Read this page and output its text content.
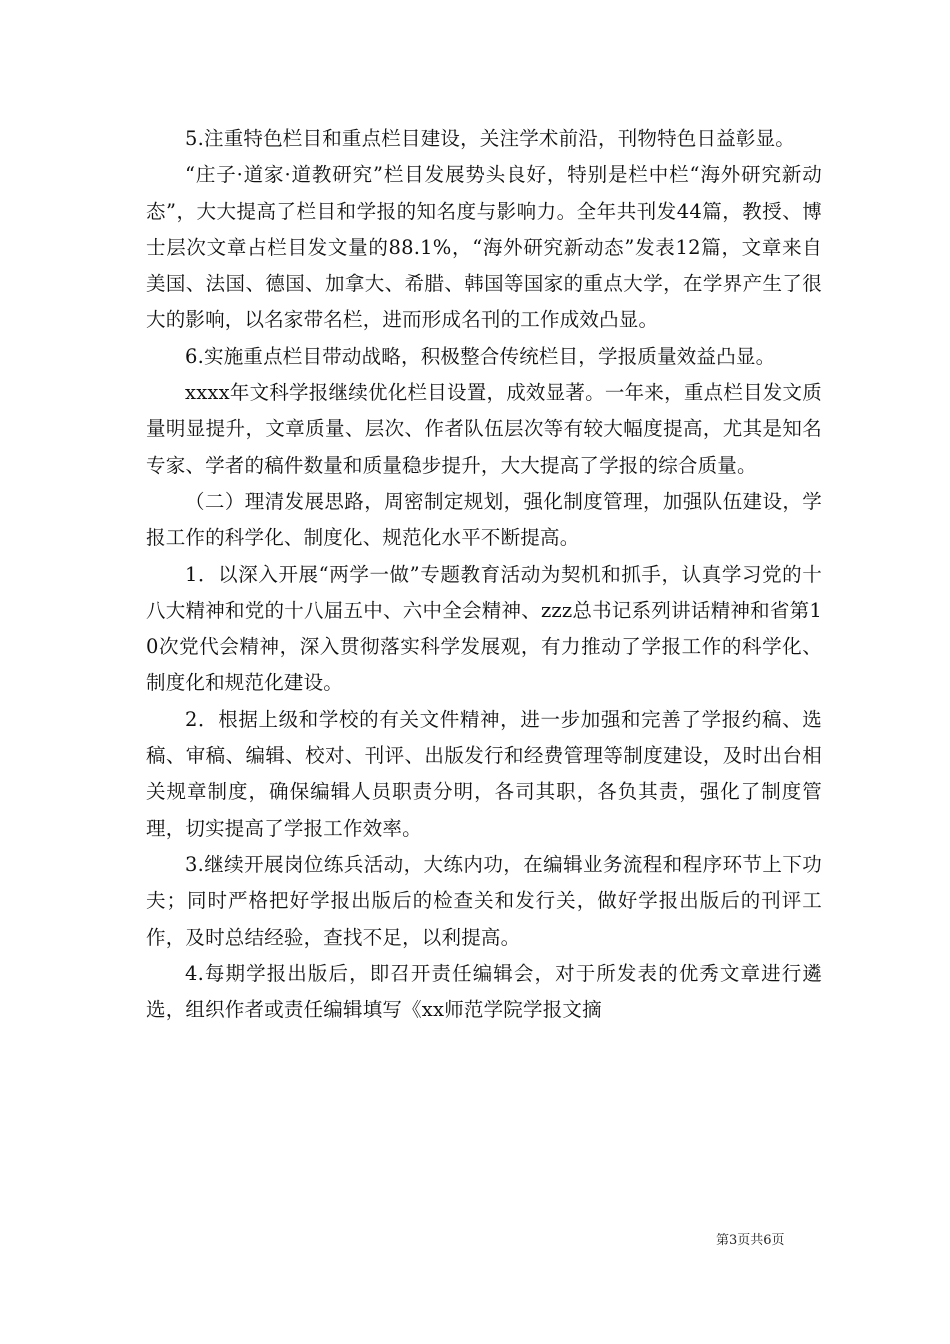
5.注重特色栏目和重点栏目建设，关注学术前沿，刊物特色日益彰显。

“庄子·道家·道教研究”栏目发展势头良好，特别是栏中栏“海外研究新动态”，大大提高了栏目和学报的知名度与影响力。全年共刊发44篇，教授、博士层次文章占栏目发文量的88.1%，“海外研究新动态”发表12篇，文章来自美国、法国、德国、加拿大、希腊、韩国等国家的重点大学，在学界产生了很大的影响，以名家带名栏，进而形成名刊的工作成效凸显。

6.实施重点栏目带动战略，积极整合传统栏目，学报质量效益凸显。

xxxx年文科学报继续优化栏目设置，成效显著。一年来，重点栏目发文质量明显提升，文章质量、层次、作者队伍层次等有较大幅度提高，尤其是知名专家、学者的稿件数量和质量稳步提升，大大提高了学报的综合质量。

（二）理清发展思路，周密制定规划，强化制度管理，加强队伍建设，学报工作的科学化、制度化、规范化水平不断提高。

1．以深入开展“两学一做”专题教育活动为契机和抓手，认真学习党的十八大精神和党的十八届五中、六中全会精神、zzz总书记系列讲话精神和省第10次党代会精神，深入贯彻落实科学发展观，有力推动了学报工作的科学化、制度化和规范化建设。

2．根据上级和学校的有关文件精神，进一步加强和完善了学报约稿、选稿、审稿、编辑、校对、刊评、出版发行和经费管理等制度建设，及时出台相关规章制度，确保编辑人员职责分明，各司其职，各负其责，强化了制度管理，切实提高了学报工作效率。

3.继续开展岗位练兵活动，大练内功，在编辑业务流程和程序环节上下功夫；同时严格把好学报出版后的检查关和发行关，做好学报出版后的刊评工作，及时总结经验，查找不足，以利提高。

4.每期学报出版后，即召开责任编辑会，对于所发表的优秀文章进行遴选，组织作者或责任编辑填写《xx师范学院学报文摘

第3页共6页
